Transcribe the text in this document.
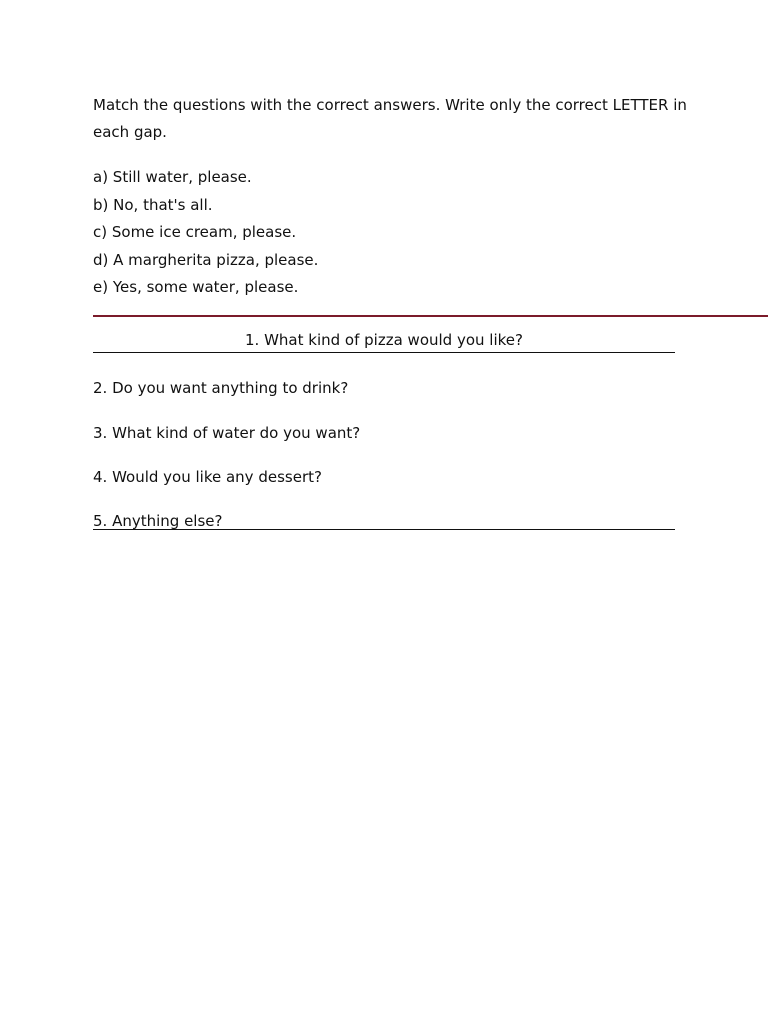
Match the questions with the correct answers. Write only the correct LETTER in each gap.

a) Still water, please.
b) No, that's all.
c) Some ice cream, please.
d) A margherita pizza, please.
e) Yes, some water, please.
1. What kind of pizza would you like?

2. Do you want anything to drink?

3. What kind of water do you want?

4. Would you like any dessert?

5. Anything else?
